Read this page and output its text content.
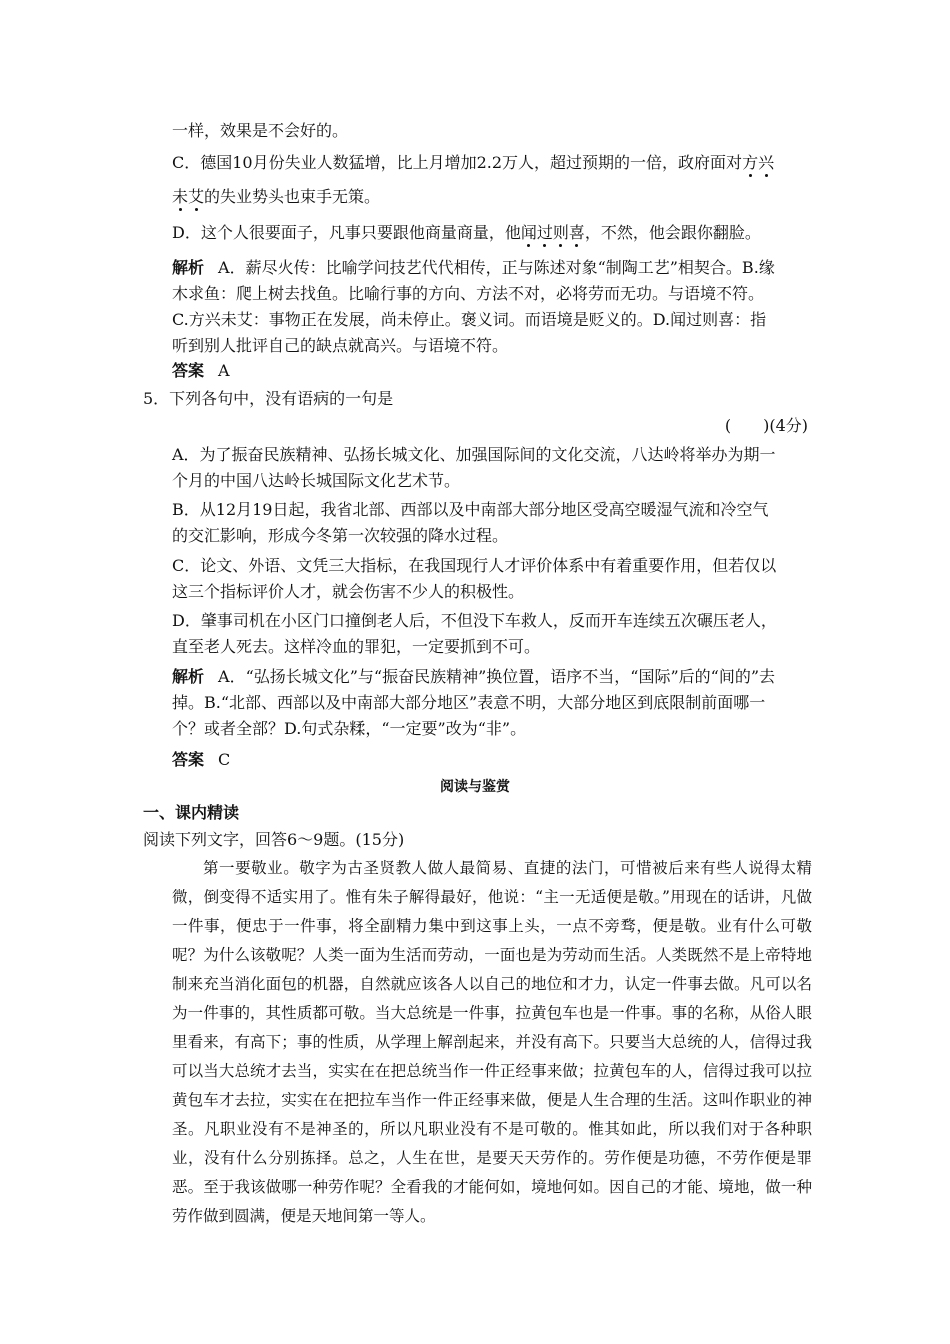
一样，效果是不会好的。
C．德国10月份失业人数猛增，比上月增加2.2万人，超过预期的一倍，政府面对方兴
未艾的失业势头也束手无策。
D．这个人很要面子，凡事只要跟他商量商量，他闻过则喜，不然，他会跟你翻脸。
解析 A．薪尽火传：比喻学问技艺代代相传，正与陈述对象“制陶工艺”相契合。B.缘
木求鱼：爬上树去找鱼。比喻行事的方向、方法不对，必将劳而无功。与语境不符。
C.方兴未艾：事物正在发展，尚未停止。褒义词。而语境是贬义的。D.闻过则喜：指
听到别人批评自己的缺点就高兴。与语境不符。
答案 A
5．下列各句中，没有语病的一句是
(　　)(4分)
A．为了振奋民族精神、弘扬长城文化、加强国际间的文化交流，八达岭将举办为期一
个月的中国八达岭长城国际文化艺术节。
B．从12月19日起，我省北部、西部以及中南部大部分地区受高空暖湿气流和冷空气
的交汇影响，形成今冬第一次较强的降水过程。
C．论文、外语、文凭三大指标，在我国现行人才评价体系中有着重要作用，但若仅以
这三个指标评价人才，就会伤害不少人的积极性。
D．肇事司机在小区门口撞倒老人后，不但没下车救人，反而开车连续五次碾压老人，
直至老人死去。这样冷血的罪犯，一定要抓到不可。
解析 A．“弘扬长城文化”与“振奋民族精神”换位置，语序不当，“国际”后的“间的”去
掉。B.“北部、西部以及中南部大部分地区”表意不明，大部分地区到底限制前面哪一
个？或者全部？D.句式杂糅，“一定要”改为“非”。
答案 C
阅读与鉴赏
一、课内精读
阅读下列文字，回答6～9题。(15分)
第一要敬业。敬字为古圣贤教人做人最简易、直捷的法门，可惜被后来有些人说得太精微，倒变得不适实用了。惟有朱子解得最好，他说：“主一无适便是敬。”用现在的话讲，凡做一件事，便忠于一件事，将全副精力集中到这事上头，一点不旁骛，便是敬。业有什么可敬呢？为什么该敬呢？人类一面为生活而劳动，一面也是为劳动而生活。人类既然不是上帝特地制来充当消化面包的机器，自然就应该各人以自己的地位和才力，认定一件事去做。凡可以名为一件事的，其性质都可敬。当大总统是一件事，拉黄包车也是一件事。事的名称，从俗人眼里看来，有高下；事的性质，从学理上解剖起来，并没有高下。只要当大总统的人，信得过我可以当大总统才去当，实实在在把总统当作一件正经事来做；拉黄包车的人，信得过我可以拉黄包车才去拉，实实在在把拉车当作一件正经事来做，便是人生合理的生活。这叫作职业的神圣。凡职业没有不是神圣的，所以凡职业没有不是可敬的。惟其如此，所以我们对于各种职业，没有什么分别拣择。总之，人生在世，是要天天劳作的。劳作便是功德，不劳作便是罪恶。至于我该做哪一种劳作呢？全看我的才能何如，境地何如。因自己的才能、境地，做一种劳作做到圆满，便是天地间第一等人。
